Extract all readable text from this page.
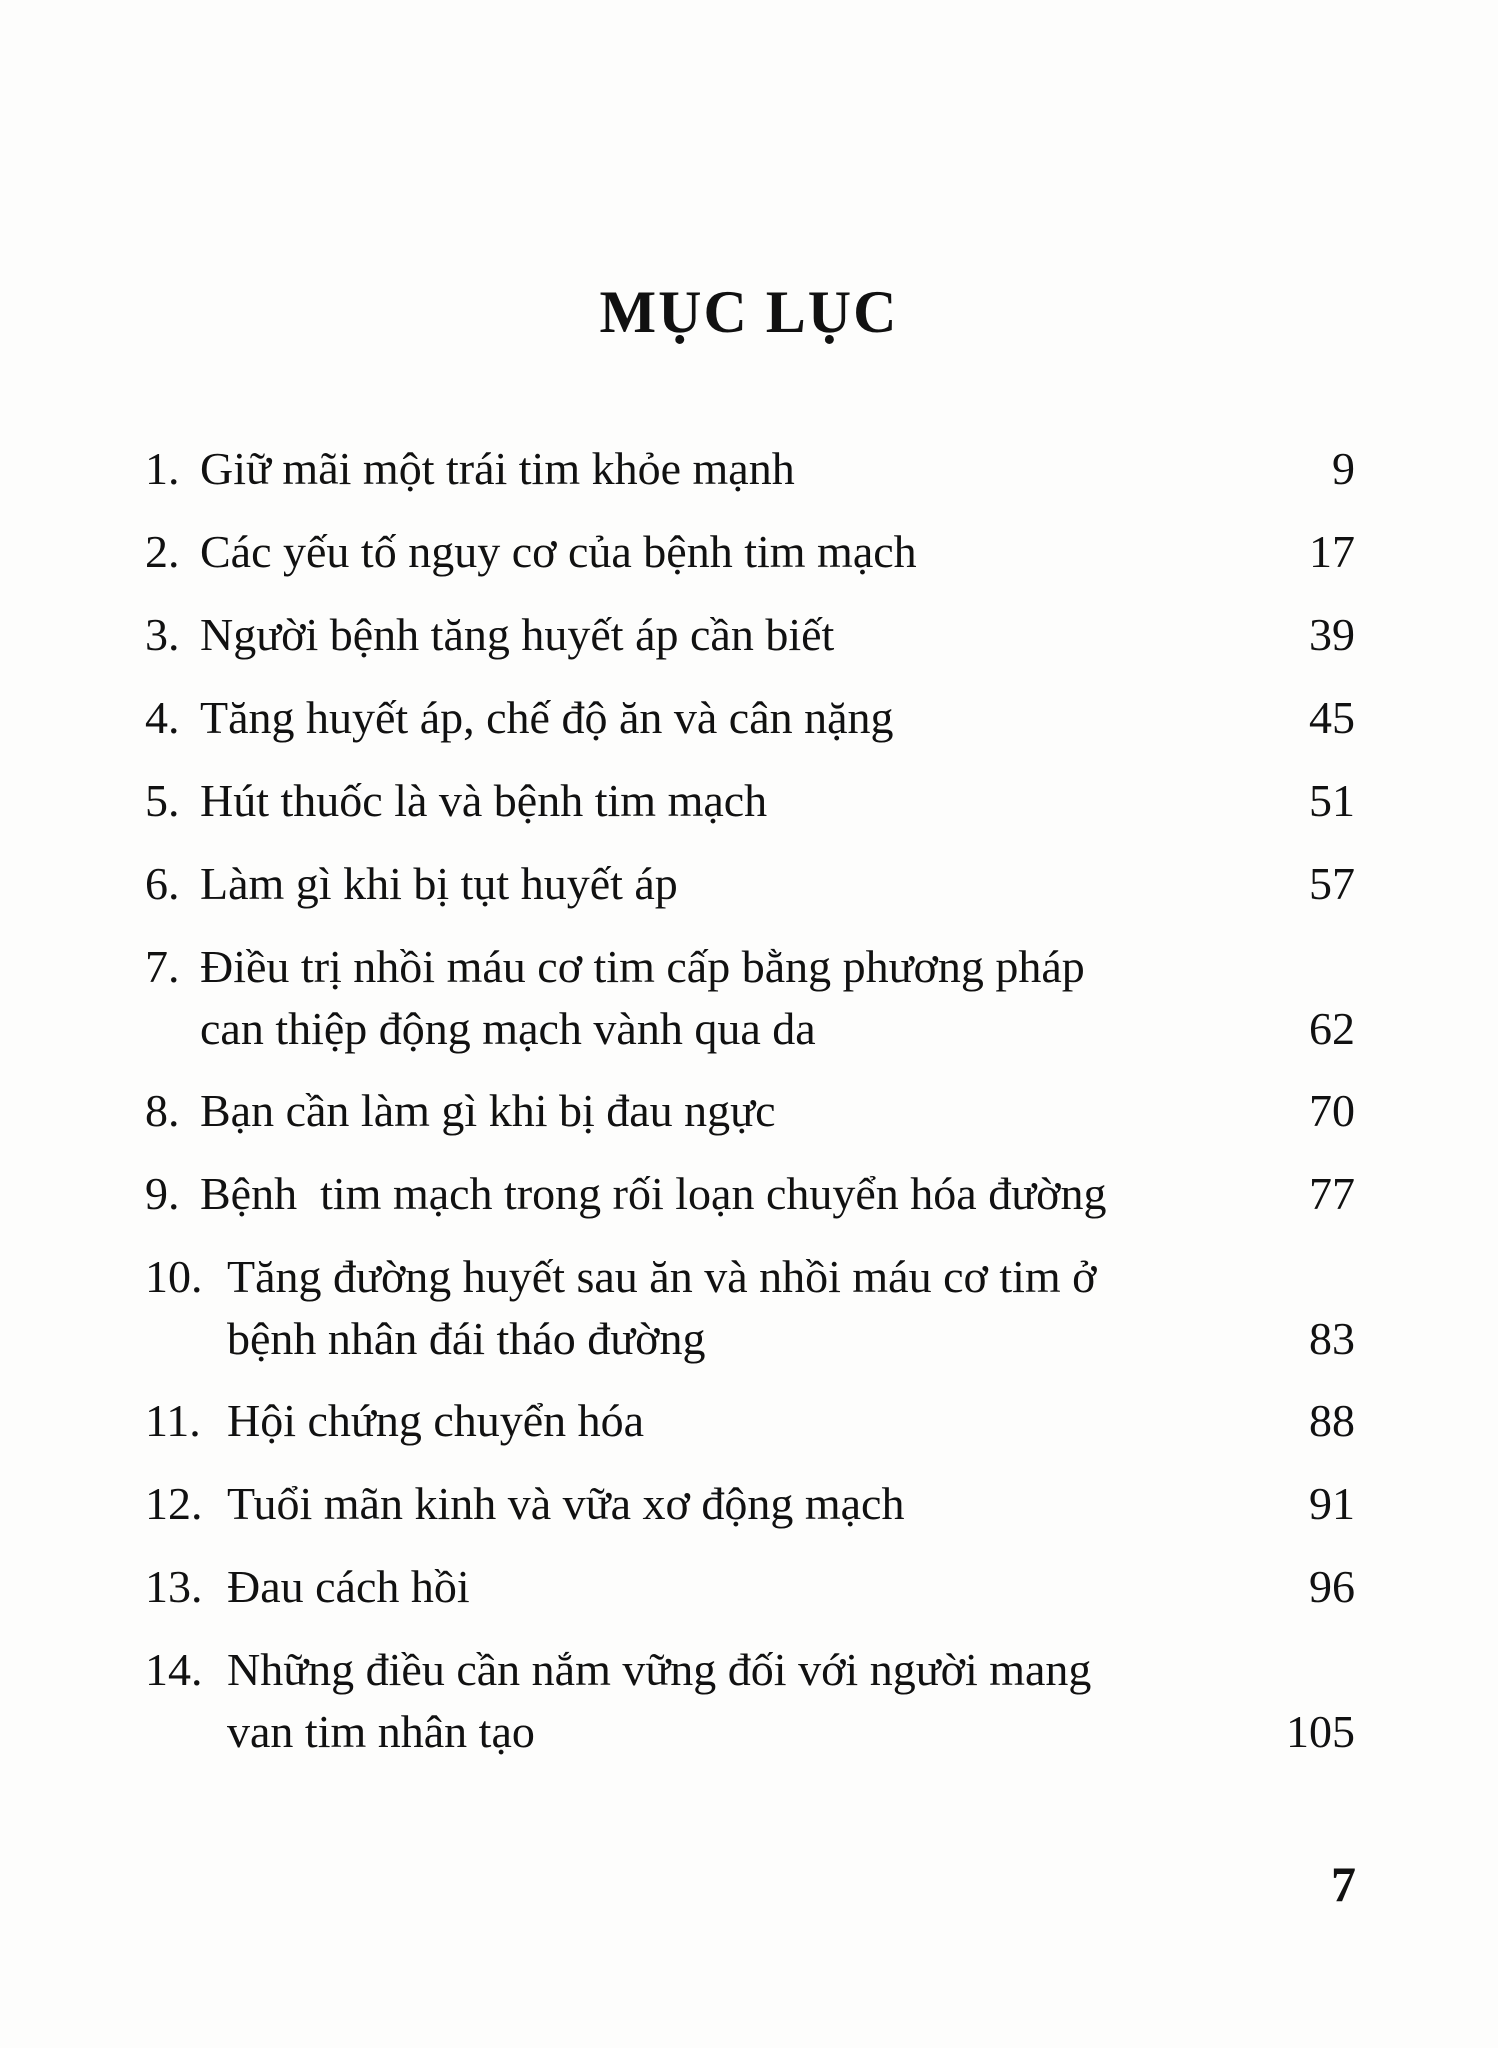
MỤC LỤC
1. Giữ mãi một trái tim khỏe mạnh	9
2. Các yếu tố nguy cơ của bệnh tim mạch	17
3. Người bệnh tăng huyết áp cần biết	39
4. Tăng huyết áp, chế độ ăn và cân nặng	45
5. Hút thuốc là và bệnh tim mạch	51
6. Làm gì khi bị tụt huyết áp	57
7. Điều trị nhồi máu cơ tim cấp bằng phương pháp
can thiệp động mạch vành qua da	62
8. Bạn cần làm gì khi bị đau ngực	70
9. Bệnh  tim mạch trong rối loạn chuyển hóa đường	77
10. Tăng đường huyết sau ăn và nhồi máu cơ tim ở
bệnh nhân đái tháo đường	83
11. Hội chứng chuyển hóa	88
12. Tuổi mãn kinh và vữa xơ động mạch	91
13. Đau cách hồi	96
14. Những điều cần nắm vững đối với người mang
van tim nhân tạo	105
7
